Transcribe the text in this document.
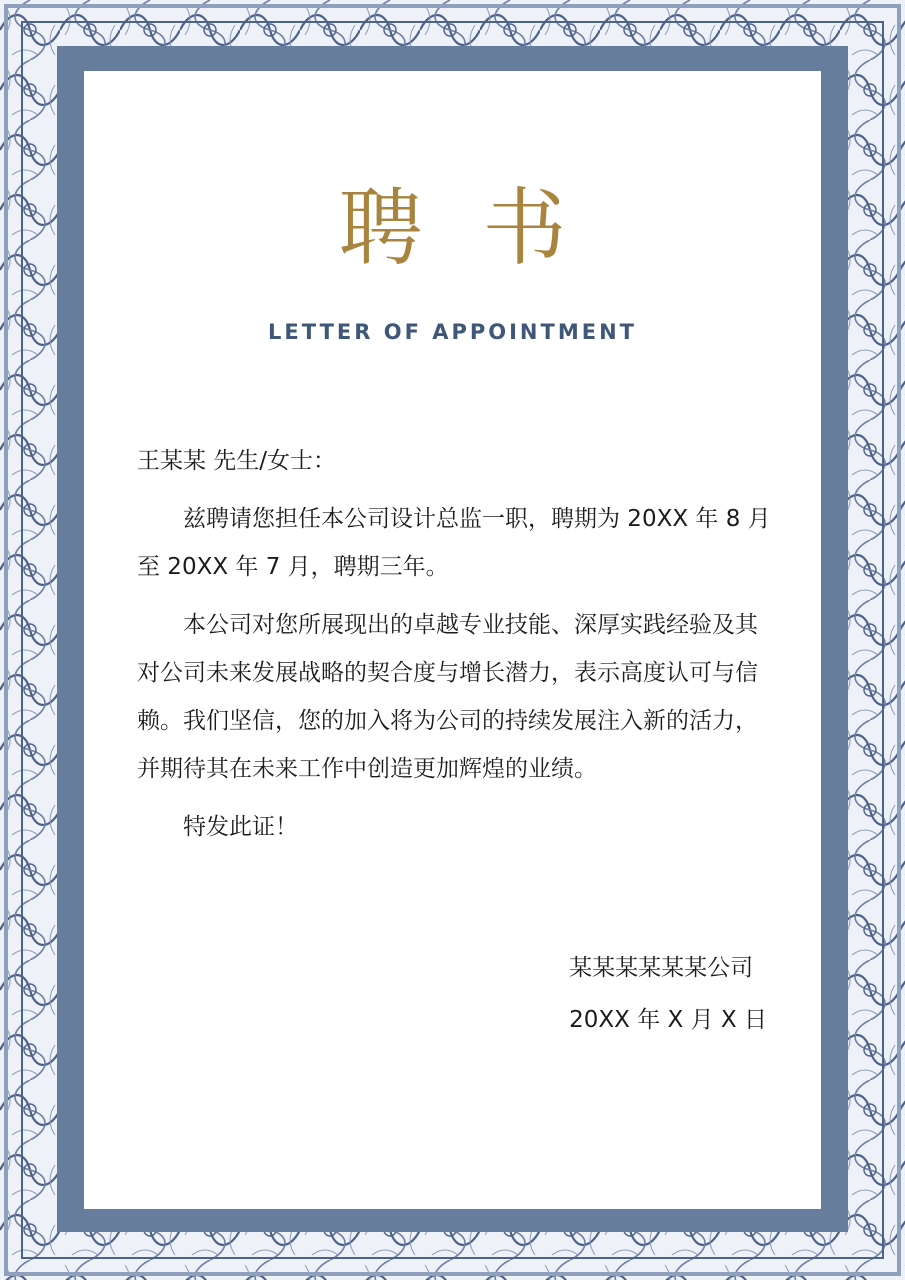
聘书
LETTER OF APPOINTMENT

王某某 先生/女士：

兹聘请您担任本公司设计总监一职，聘期为 20XX 年 8 月至 20XX 年 7 月，聘期三年。

本公司对您所展现出的卓越专业技能、深厚实践经验及其对公司未来发展战略的契合度与增长潜力，表示高度认可与信赖。我们坚信，您的加入将为公司的持续发展注入新的活力，并期待其在未来工作中创造更加辉煌的业绩。

特发此证！

某某某某某某公司
20XX 年 X 月 X 日
